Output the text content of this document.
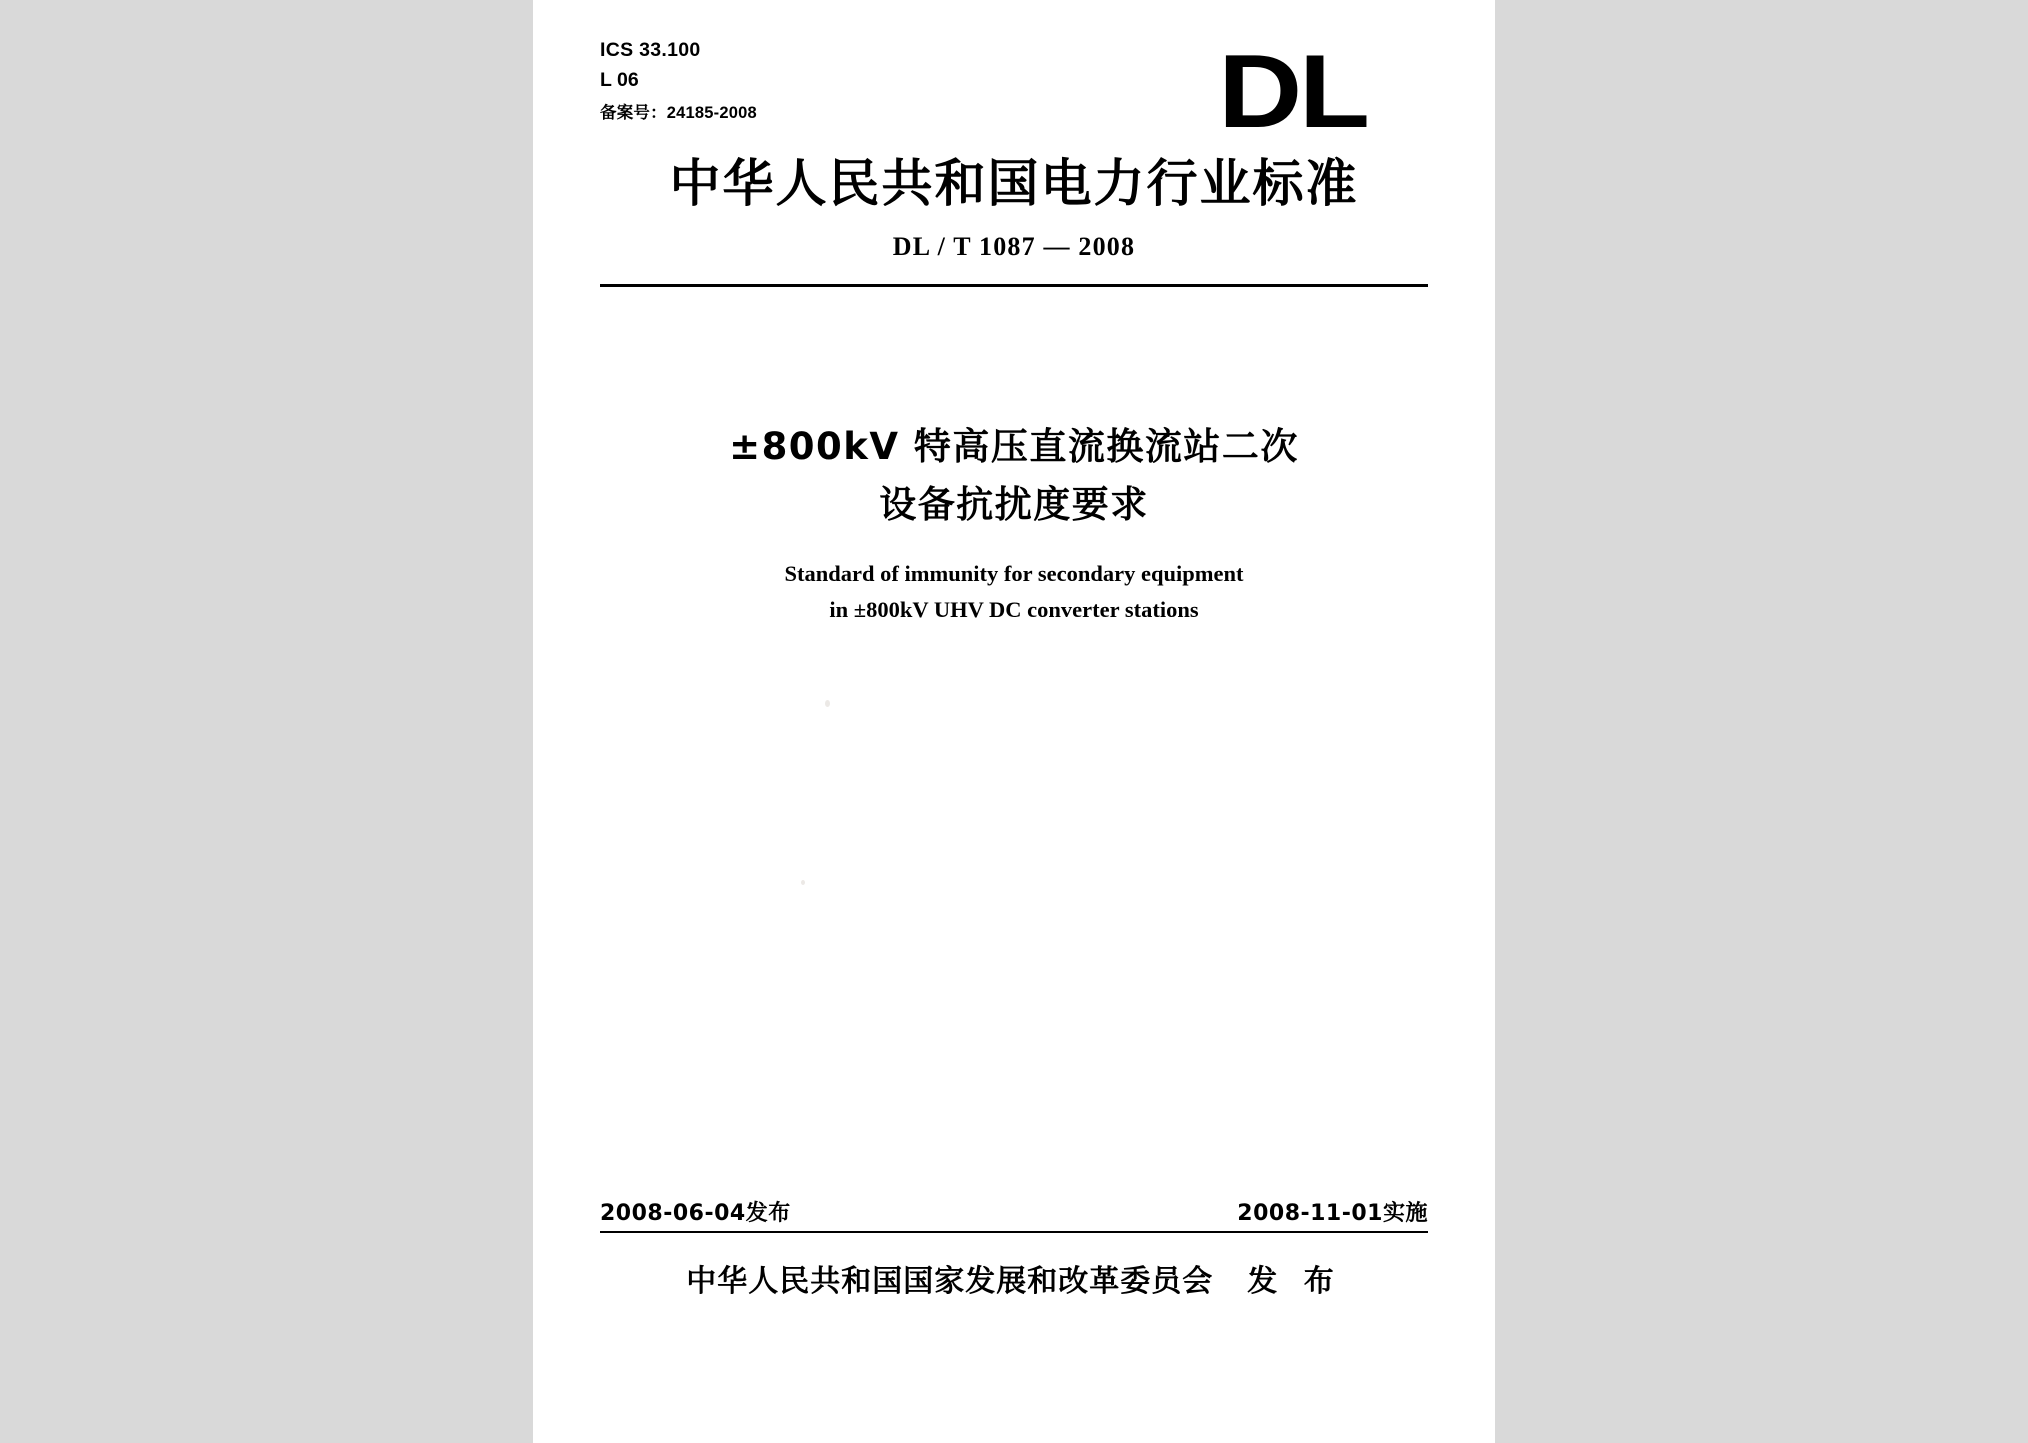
ICS 33.100
L 06
备案号：24185-2008	DL
中华人民共和国电力行业标准
DL / T 1087 — 2008
±800kV 特高压直流换流站二次
设备抗扰度要求
Standard of immunity for secondary equipment
in ±800kV UHV DC converter stations
2008-06-04发布	2008-11-01实施
中华人民共和国国家发展和改革委员会 发 布
